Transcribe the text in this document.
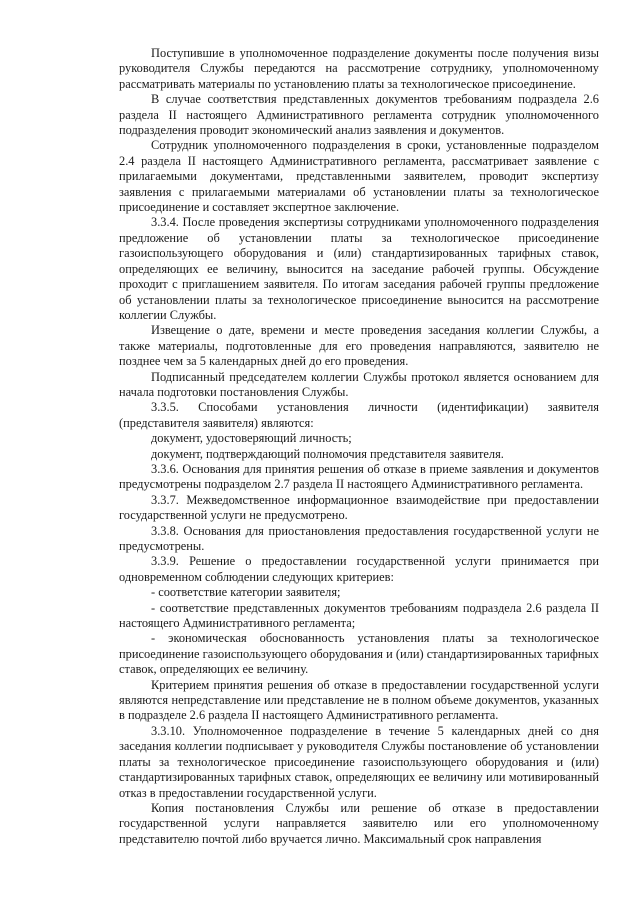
Поступившие в уполномоченное подразделение документы после получения визы руководителя Службы передаются на рассмотрение сотруднику, уполномоченному рассматривать материалы по установлению платы за технологическое присоединение.

В случае соответствия представленных документов требованиям подраздела 2.6 раздела II настоящего Административного регламента сотрудник уполномоченного подразделения проводит экономический анализ заявления и документов.

Сотрудник уполномоченного подразделения в сроки, установленные подразделом 2.4 раздела II настоящего Административного регламента, рассматривает заявление с прилагаемыми документами, представленными заявителем, проводит экспертизу заявления с прилагаемыми материалами об установлении платы за технологическое присоединение и составляет экспертное заключение.

3.3.4. После проведения экспертизы сотрудниками уполномоченного подразделения предложение об установлении платы за технологическое присоединение газоиспользующего оборудования и (или) стандартизированных тарифных ставок, определяющих ее величину, выносится на заседание рабочей группы. Обсуждение проходит с приглашением заявителя. По итогам заседания рабочей группы предложение об установлении платы за технологическое присоединение выносится на рассмотрение коллегии Службы.

Извещение о дате, времени и месте проведения заседания коллегии Службы, а также материалы, подготовленные для его проведения направляются, заявителю не позднее чем за 5 календарных дней до его проведения.

Подписанный председателем коллегии Службы протокол является основанием для начала подготовки постановления Службы.

3.3.5. Способами установления личности (идентификации) заявителя (представителя заявителя) являются:

документ, удостоверяющий личность;

документ, подтверждающий полномочия представителя заявителя.

3.3.6. Основания для принятия решения об отказе в приеме заявления и документов предусмотрены подразделом 2.7 раздела II настоящего Административного регламента.

3.3.7. Межведомственное информационное взаимодействие при предоставлении государственной услуги не предусмотрено.

3.3.8. Основания для приостановления предоставления государственной услуги не предусмотрены.

3.3.9. Решение о предоставлении государственной услуги принимается при одновременном соблюдении следующих критериев:

- соответствие категории заявителя;

- соответствие представленных документов требованиям подраздела 2.6 раздела II настоящего Административного регламента;

- экономическая обоснованность установления платы за технологическое присоединение газоиспользующего оборудования и (или) стандартизированных тарифных ставок, определяющих ее величину.

Критерием принятия решения об отказе в предоставлении государственной услуги являются непредставление или представление не в полном объеме документов, указанных в подразделе 2.6 раздела II настоящего Административного регламента.

3.3.10. Уполномоченное подразделение в течение 5 календарных дней со дня заседания коллегии подписывает у руководителя Службы постановление об установлении платы за технологическое присоединение газоиспользующего оборудования и (или) стандартизированных тарифных ставок, определяющих ее величину или мотивированный отказ в предоставлении государственной услуги.

Копия постановления Службы или решение об отказе в предоставлении государственной услуги направляется заявителю или его уполномоченному представителю почтой либо вручается лично. Максимальный срок направления
